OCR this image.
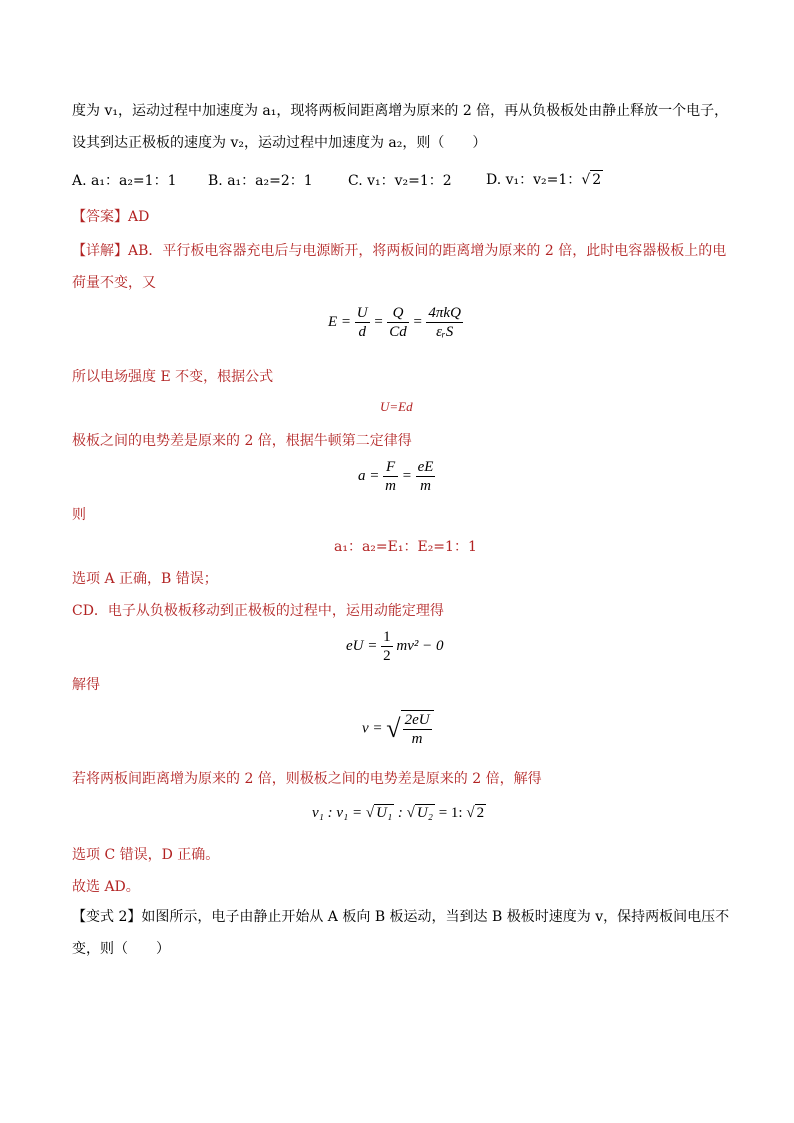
度为 v₁，运动过程中加速度为 a₁，现将两板间距离增为原来的 2 倍，再从负极板处由静止释放一个电子，
设其到达正极板的速度为 v₂，运动过程中加速度为 a₂，则（　　）
A. a₁：a₂=1：1 B. a₁：a₂=2：1	C. v₁：v₂=1：2 D. v₁：v₂=1：√ 2
【答案】AD
【详解】AB．平行板电容器充电后与电源断开，将两板间的距离增为原来的 2 倍，此时电容器极板上的电
荷量不变，又
$E = \frac{U}{d} = \frac{Q}{Cd} = \frac{\text{4πkQ}}{\text{εᵣS}}$
所以电场强度 E 不变，根据公式
U=Ed
极板之间的电势差是原来的 2 倍，根据牛顿第二定律得
$a = \frac{F}{m} = \frac{eE}{m}$
则
a₁：a₂=E₁：E₂=1：1
选项 A 正确，B 错误；
CD．电子从负极板移动到正极板的过程中，运用动能定理得
eU = $\frac{1}{2} mv^2 - 0$
解得
v = √ $\frac{2eU}{m}$
若将两板间距离增为原来的 2 倍，则极板之间的电势差是原来的 2 倍，解得
v₁ : v₁ = √ U₁ : √ U₂ = 1: √ 2
选项 C 错误，D 正确。
故选 AD。
【变式 2】如图所示，电子由静止开始从 A 板向 B 板运动，当到达 B 极板时速度为 v，保持两板间电压不
变，则（　　）
